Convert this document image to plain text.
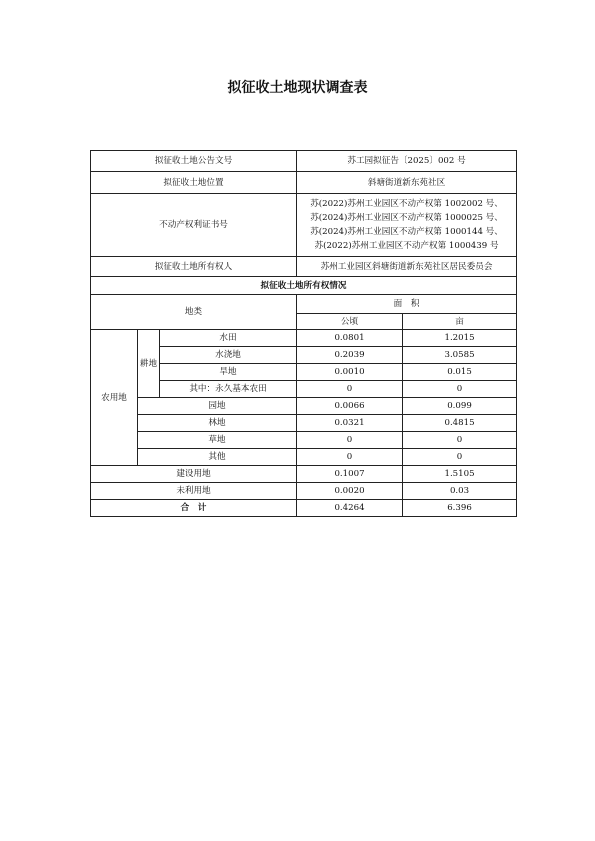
拟征收土地现状调查表
拟征收土地公告文号			苏工园拟征告〔2025〕002 号	
拟征收土地位置			斜塘街道新东苑社区	
不动产权利证书号			苏(2022)苏州工业园区不动产权第 1002002 号、
苏(2024)苏州工业园区不动产权第 1000025 号、
苏(2024)苏州工业园区不动产权第 1000144 号、
苏(2022)苏州工业园区不动产权第 1000439 号	

拟征收土地所有权人			苏州工业园区斜塘街道新东苑社区居民委员会	
拟征收土地所有权情况				
地类			面　积	
			公顷	亩
农用地	耕地	水田	0.0801	1.2015
		水浇地	0.2039	3.0585
		旱地	0.0010	0.015
		其中：永久基本农田	0	0
	园地		0.0066	0.099
	林地		0.0321	0.4815
	草地		0	0
	其他		0	0
建设用地			0.1007	1.5105
未利用地			0.0020	0.03
合　计			0.4264	6.396
